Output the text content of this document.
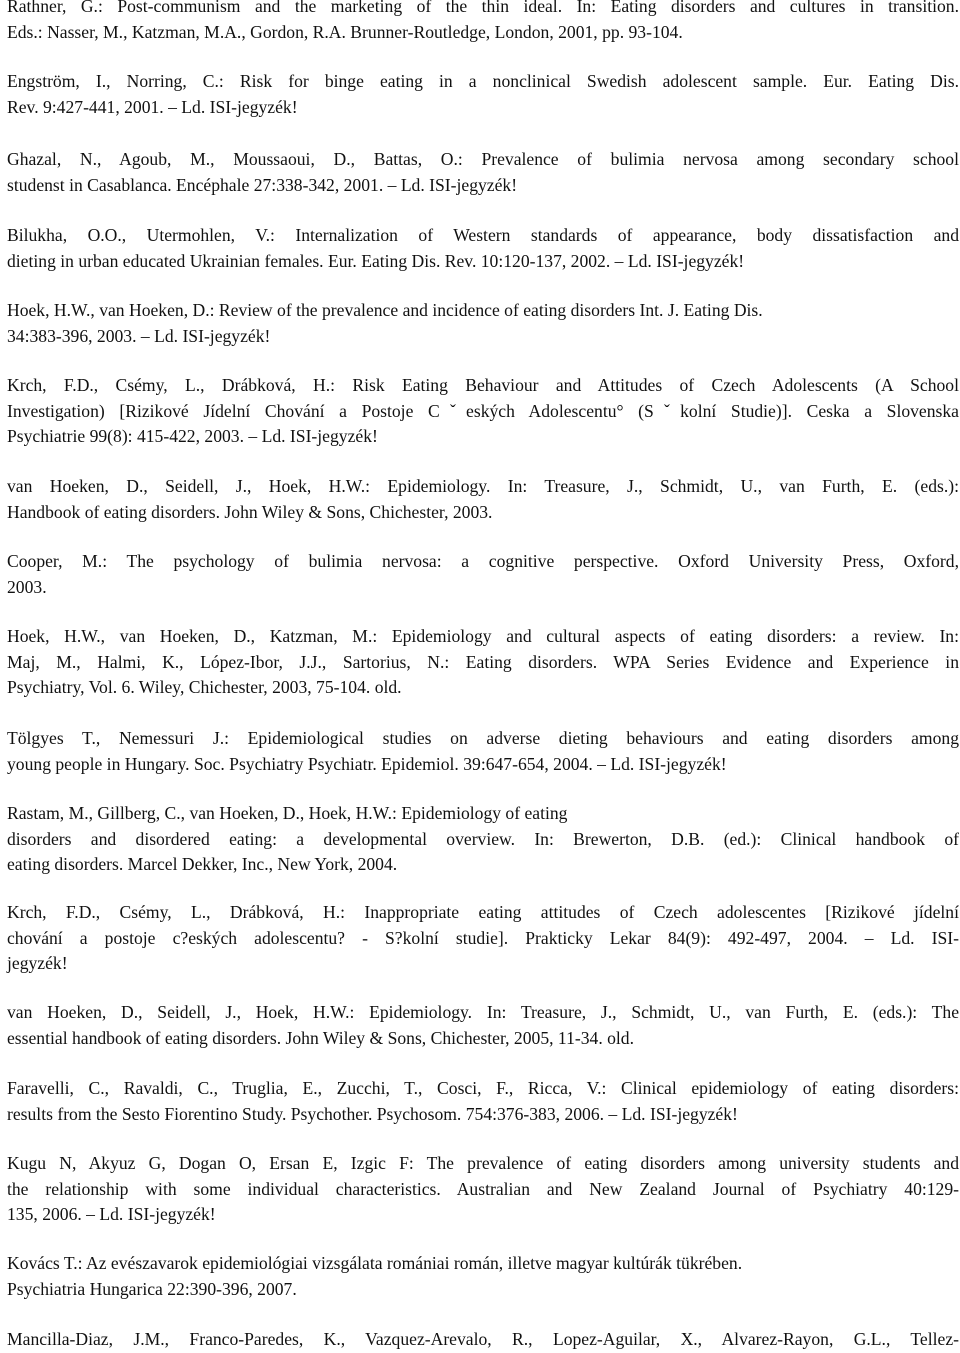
Rathner, G.: Post-communism and the marketing of the thin ideal. In: Eating disorders and cultures in transition.
Eds.: Nasser, M., Katzman, M.A., Gordon, R.A. Brunner-Routledge, London, 2001, pp. 93-104.

Engström, I., Norring, C.: Risk for binge eating in a nonclinical Swedish adolescent sample. Eur. Eating Dis.
Rev. 9:427-441, 2001. – Ld. ISI-jegyzék!

Ghazal, N., Agoub, M., Moussaoui, D., Battas, O.: Prevalence of bulimia nervosa among secondary school
studenst in Casablanca. Encéphale 27:338-342, 2001. – Ld. ISI-jegyzék!

Bilukha, O.O., Utermohlen, V.: Internalization of Western standards of appearance, body dissatisfaction and
dieting in urban educated Ukrainian females. Eur. Eating Dis. Rev. 10:120-137, 2002. – Ld. ISI-jegyzék!

Hoek, H.W., van Hoeken, D.: Review of the prevalence and incidence of eating disorders Int. J. Eating Dis.
34:383-396, 2003. – Ld. ISI-jegyzék!

Krch, F.D., Csémy, L., Drábková, H.: Risk Eating Behaviour and Attitudes of Czech Adolescents (A School
Investigation) [Rizikové Jídelní Chování a Postoje Cˇeských Adolescentu° (Sˇkolní Studie)]. Ceska a Slovenska
Psychiatrie 99(8): 415-422, 2003. – Ld. ISI-jegyzék!

van Hoeken, D., Seidell, J., Hoek, H.W.: Epidemiology. In: Treasure, J., Schmidt, U., van Furth, E. (eds.):
Handbook of eating disorders. John Wiley & Sons, Chichester, 2003.

Cooper, M.: The psychology of bulimia nervosa: a cognitive perspective. Oxford University Press, Oxford,
2003.

Hoek, H.W., van Hoeken, D., Katzman, M.: Epidemiology and cultural aspects of eating disorders: a review. In:
Maj, M., Halmi, K., López-Ibor, J.J., Sartorius, N.: Eating disorders. WPA Series Evidence and Experience in
Psychiatry, Vol. 6. Wiley, Chichester, 2003, 75-104. old.

Tölgyes T., Nemessuri J.: Epidemiological studies on adverse dieting behaviours and eating disorders among
young people in Hungary. Soc. Psychiatry Psychiatr. Epidemiol. 39:647-654, 2004. – Ld. ISI-jegyzék!

Rastam, M., Gillberg, C., van Hoeken, D., Hoek, H.W.: Epidemiology of eating
disorders and disordered eating: a developmental overview. In: Brewerton, D.B. (ed.): Clinical handbook of
eating disorders. Marcel Dekker, Inc., New York, 2004.

Krch, F.D., Csémy, L., Drábková, H.: Inappropriate eating attitudes of Czech adolescentes [Rizikové jídelní
chování a postoje c?eských adolescentu? - S?kolní studie]. Prakticky Lekar 84(9): 492-497, 2004. – Ld. ISI-
jegyzék!

van Hoeken, D., Seidell, J., Hoek, H.W.: Epidemiology. In: Treasure, J., Schmidt, U., van Furth, E. (eds.): The
essential handbook of eating disorders. John Wiley & Sons, Chichester, 2005, 11-34. old.

Faravelli, C., Ravaldi, C., Truglia, E., Zucchi, T., Cosci, F., Ricca, V.: Clinical epidemiology of eating disorders:
results from the Sesto Fiorentino Study. Psychother. Psychosom. 754:376-383, 2006. – Ld. ISI-jegyzék!

Kugu N, Akyuz G, Dogan O, Ersan E, Izgic F: The prevalence of eating disorders among university students and
the relationship with some individual characteristics. Australian and New Zealand Journal of Psychiatry 40:129-
135, 2006. – Ld. ISI-jegyzék!

Kovács T.: Az evészavarok epidemiológiai vizsgálata romániai román, illetve magyar kultúrák tükrében.
Psychiatria Hungarica 22:390-396, 2007.

Mancilla-Diaz, J.M., Franco-Paredes, K., Vazquez-Arevalo, R., Lopez-Aguilar, X., Alvarez-Rayon, G.L., Tellez-
